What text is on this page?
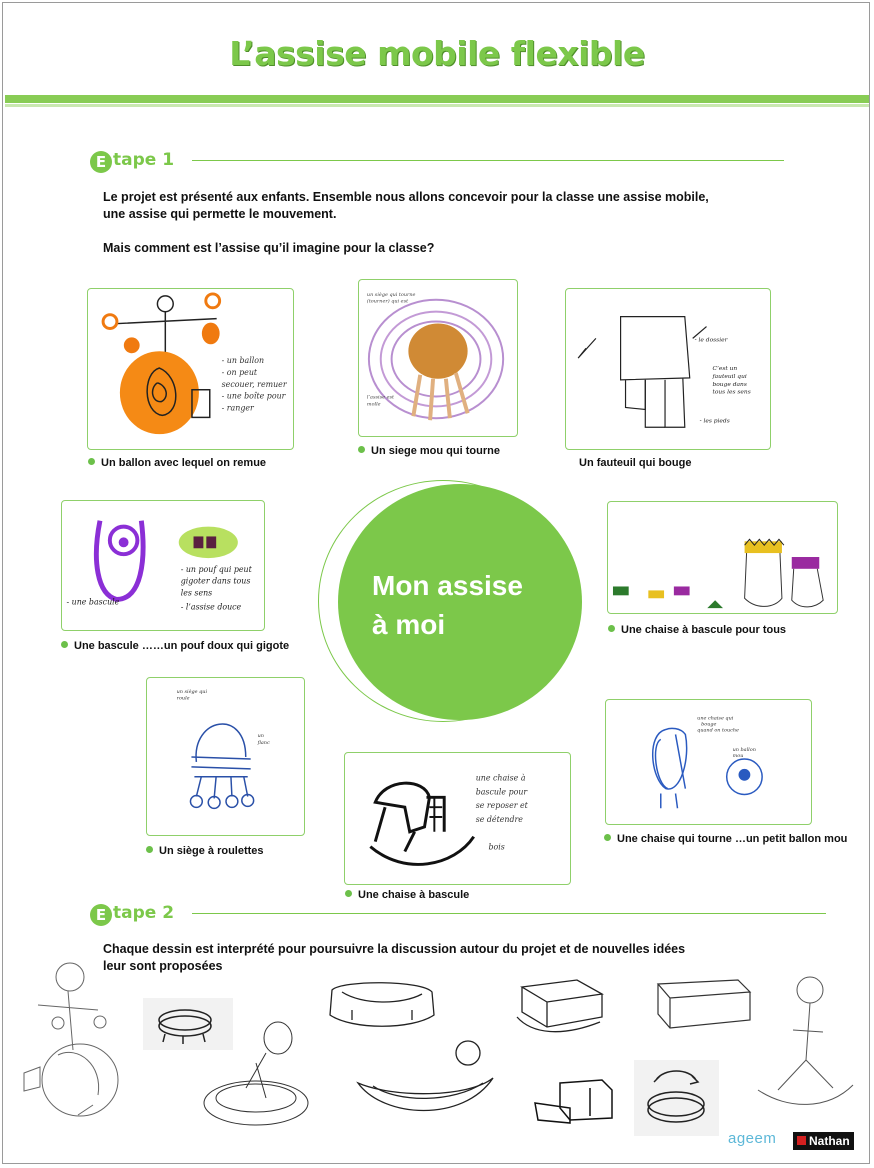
L’assise mobile flexible
E tape 1
Le projet est présenté aux enfants. Ensemble nous allons concevoir pour la classe une assise mobile,
une assise qui permette le mouvement.
Mais comment est l’assise qu’il imagine pour la classe?
- un ballon
- on peut
secouer, remuer
- une boîte pour
- ranger
Un ballon avec lequel on remue
un siège qui tourne
(tourner) qui est
l’assise est
molle
Un siege mou qui tourne
- le dossier
C’est un
fauteuil qui
bouge dans
tous les sens
- les pieds
Un fauteuil qui bouge
- un pouf qui peut
gigoter dans tous
les sens
- l’assise douce
- une bascule
Une bascule ……un pouf doux qui gigote
Mon assise
à moi	Une chaise à bascule pour tous
un siège qui
roule
un
flanc
Un siège à roulettes
une chaise à
bascule pour
se reposer et
se détendre
bois
Une chaise à bascule
une chaise qui
bouge
quand on touche
un ballon
mou
Une chaise qui tourne …un petit ballon mou
E tape 2
Chaque dessin est interprété pour poursuivre la discussion autour du projet et de nouvelles idées
leur sont proposées
ageem	Nathan
